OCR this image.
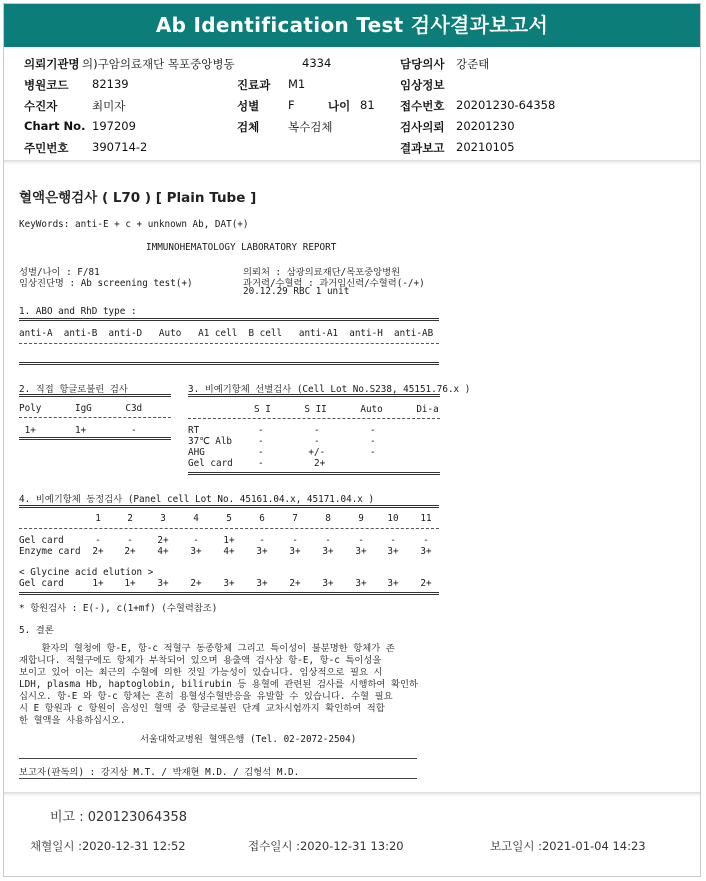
Ab Identification Test 검사결과보고서
의뢰기관명 의)구암의료재단 목포중앙병동	4334	담당의사 강준태
병원코드 82139	진료과 M1	임상정보
수진자	최미자	성별	F	나이 81 접수번호 20201230-64358
Chart No. 197209	검체	복수검체	검사의뢰 20201230
주민번호 390714-2	결과보고 20210105
혈액은행검사 ( L70 ) [ Plain Tube ]
KeyWords: anti-E + c + unknown Ab, DAT(+)
IMMUNOHEMATOLOGY LABORATORY REPORT
성별/나이 : F/81
임상진단명 : Ab screening test(+)
의뢰처 : 삼광의료재단/목포중앙병원
과거력/수혈력 : 과거임신력/수혈력(-/+)
20.12.29 RBC 1 unit
1. ABO and RhD type :
anti-A  anti-B  anti-D   Auto   A1 cell  B cell   anti-A1  anti-H  anti-AB
2. 직접 항글로불린 검사
Poly      IgG      C3d
1+       1+        -
3. 비예기항체 선별검사 (Cell Lot No.S238, 45151.76.x )
S I      S II      Auto      Di-a
RT	-         -         -
37℃ Alb	-         -         -
AHG	-        +/-        -
Gel card	-         2+
4. 비예기항체 동정검사 (Panel cell Lot No. 45161.04.x, 45171.04.x )
1	2	3	4	5	6	7	8	9	10	11
Gel card	-	-	2+	-	1+	-	-	-	-	-	-
Enzyme card	2+	2+	4+	3+	4+	3+	3+	3+	3+	3+	3+
< Glycine acid elution >
Gel card	1+	1+	3+	2+	3+	3+	2+	3+	3+	3+	2+
* 항원검사 : E(-), c(1+mf) (수혈력참조)
5. 결론
환자의 혈청에 항-E, 항-c 적혈구 동종항체 그리고 특이성이 불분명한 항체가 존
재합니다. 적혈구에도 항체가 부착되어 있으며 용출액 검사상 항-E, 항-c 특이성을
보이고 있어 이는 최근의 수혈에 의한 것일 가능성이 있습니다. 임상적으로 필요 시
LDH, plasma Hb, haptoglobin, bilirubin 등 용혈에 관련된 검사를 시행하여 확인하
십시오. 항-E 와 항-c 항체는 흔히 용혈성수혈반응을 유발할 수 있습니다. 수혈 필요
시 E 항원과 c 항원이 음성인 혈액 중 항글로불린 단계 교차시험까지 확인하여 적합
한 혈액을 사용하십시오.
서울대학교병원 혈액은행 (Tel. 02-2072-2504)
보고자(판독의) : 강지상 M.T. / 박재현 M.D. / 김형석 M.D.
비고 : 020123064358
채혈일시 :2020-12-31 12:52	접수일시 :2020-12-31 13:20	보고일시 :2021-01-04 14:23
